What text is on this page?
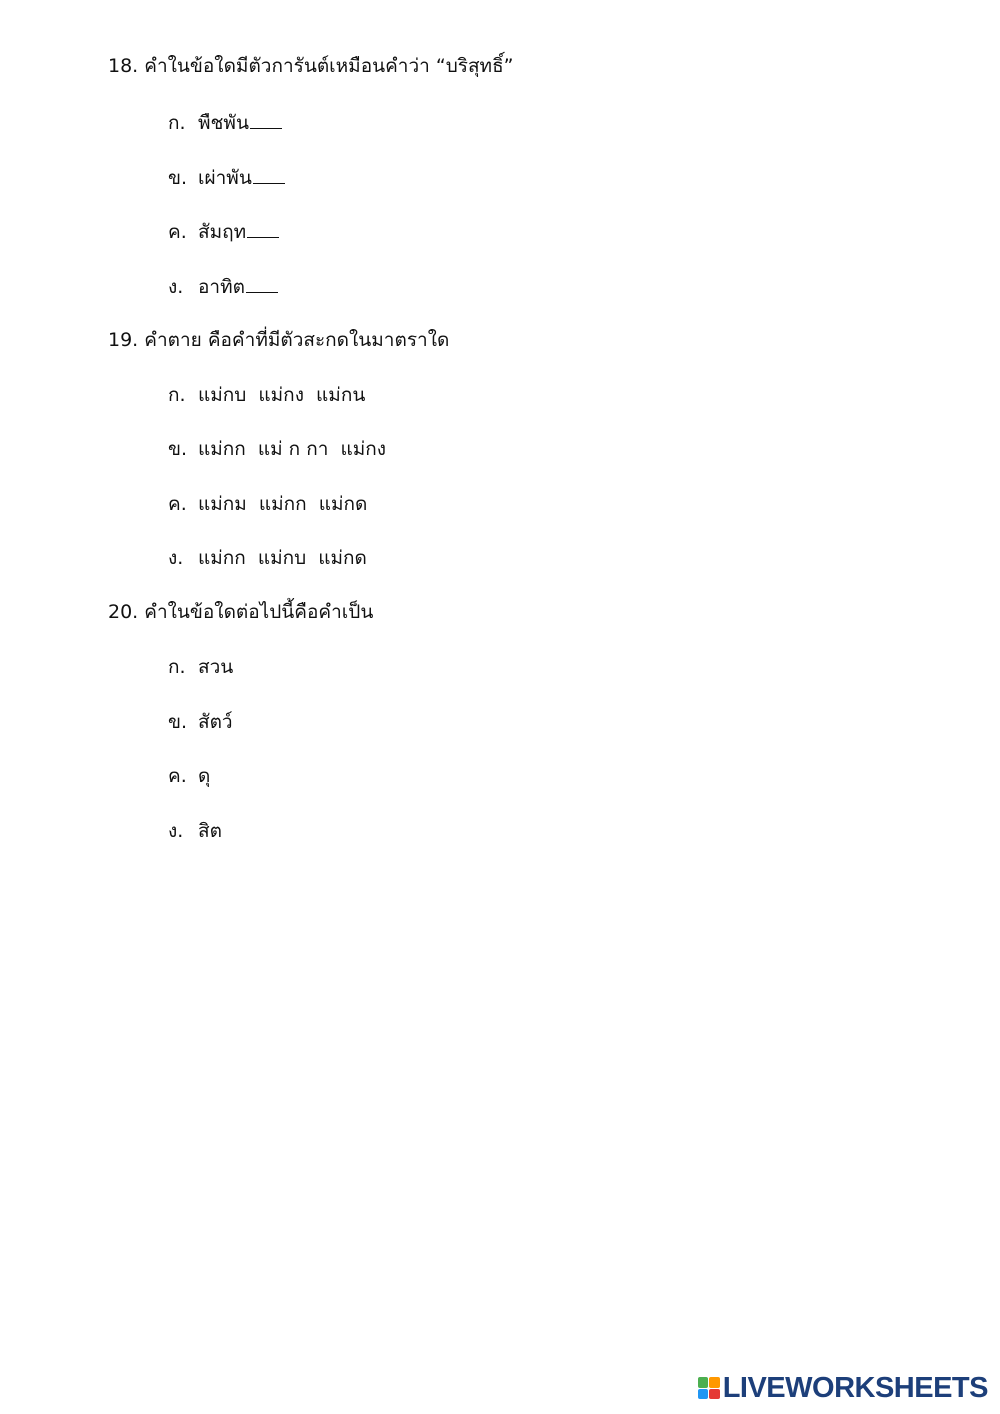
18. คำในข้อใดมีตัวการันต์เหมือนคำว่า “บริสุทธิ์”
ก. พืชพัน
ข. เผ่าพัน
ค. สัมฤท
ง. อาทิต
19. คำตาย คือคำที่มีตัวสะกดในมาตราใด
ก. แม่กบ  แม่กง  แม่กน
ข. แม่กก  แม่ ก กา  แม่กง
ค. แม่กม  แม่กก  แม่กด
ง. แม่กก  แม่กบ  แม่กด
20. คำในข้อใดต่อไปนี้คือคำเป็น
ก. สวน
ข. สัตว์
ค. ดุ
ง. สิต
LIVEWORKSHEETS
